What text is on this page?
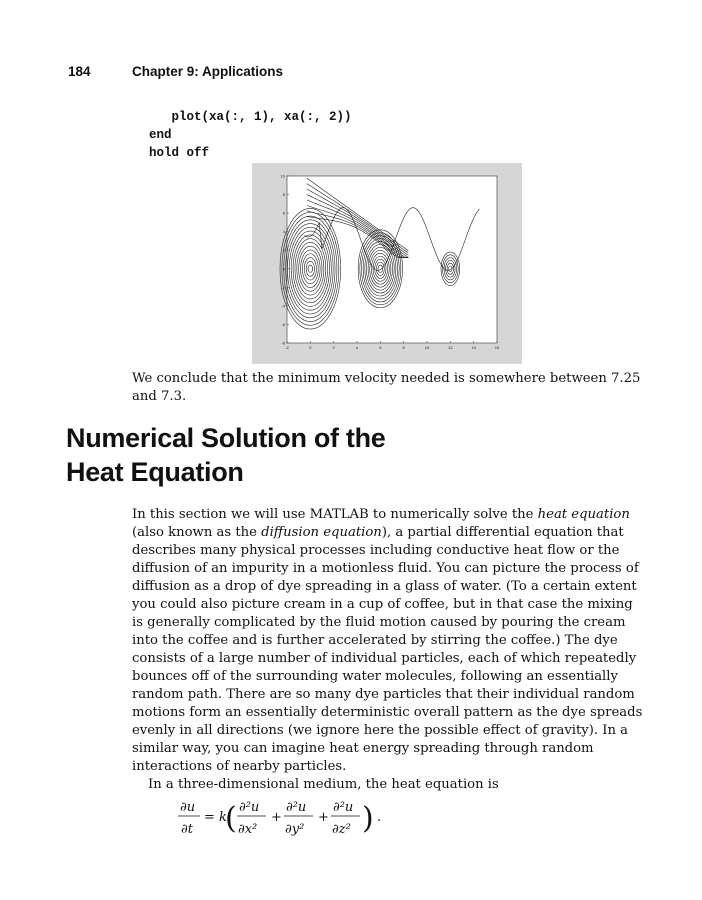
184	Chapter 9: Applications
plot(xa(:, 1), xa(:, 2))
end
hold off
-2	0	2	4	6	8	10	12	14	16
10
8
6
4
2
0
-2
-4
-6
-8

We conclude that the minimum velocity needed is somewhere between 7.25 and 7.3.

Numerical Solution of the
Heat Equation

In this section we will use MATLAB to numerically solve the heat equation (also known as the diffusion equation), a partial differential equation that describes many physical processes including conductive heat flow or the diffusion of an impurity in a motionless fluid. You can picture the process of diffusion as a drop of dye spreading in a glass of water. (To a certain extent you could also picture cream in a cup of coffee, but in that case the mixing is generally complicated by the fluid motion caused by pouring the cream into the coffee and is further accelerated by stirring the coffee.) The dye consists of a large number of individual particles, each of which repeatedly bounces off of the surrounding water molecules, following an essentially random path. There are so many dye particles that their individual random motions form an essentially deterministic overall pattern as the dye spreads evenly in all directions (we ignore here the possible effect of gravity). In a similar way, you can imagine heat energy spreading through random interactions of nearby particles.

In a three-dimensional medium, the heat equation is

∂u
∂t
= k
( ∂²u
∂x²
+
∂²u
∂y²
+
∂²u
∂z² ) .
